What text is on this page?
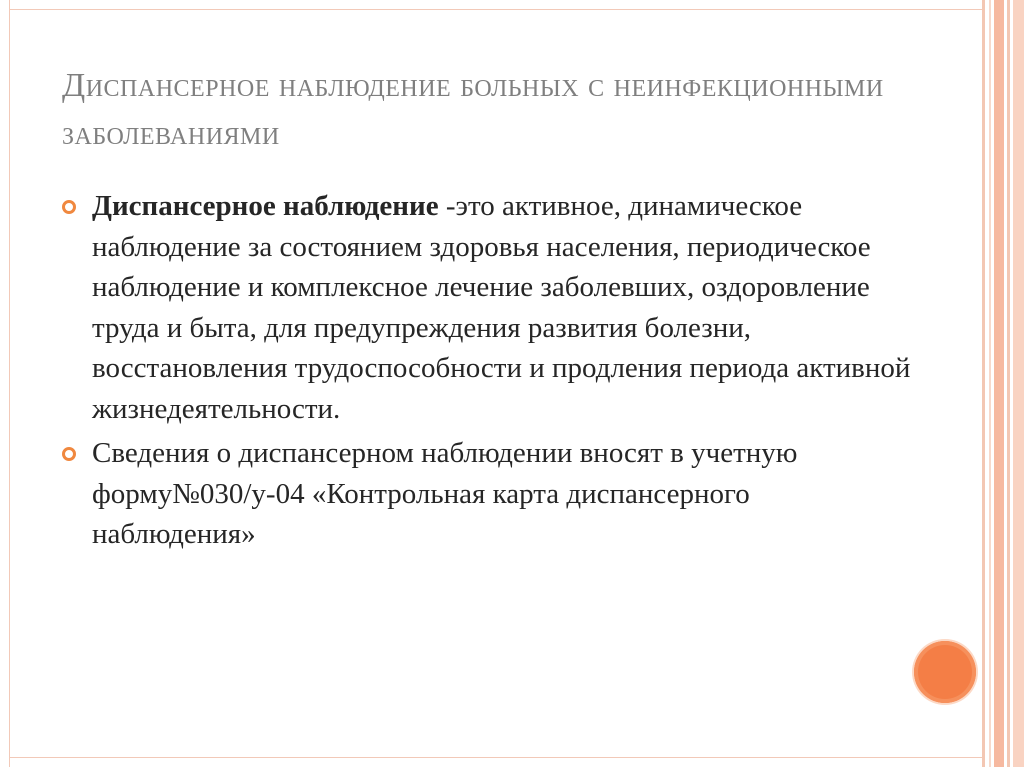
Диспансерное наблюдение больных с неинфекционными заболеваниями
Диспансерное наблюдение -это активное, динамическое наблюдение за состоянием здоровья населения, периодическое наблюдение и комплексное лечение заболевших, оздоровление труда и быта, для предупреждения развития болезни, восстановления трудоспособности и продления периода активной жизнедеятельности.
Сведения о диспансерном наблюдении вносят в учетную форму№030/у-04 «Контрольная карта диспансерного наблюдения»
